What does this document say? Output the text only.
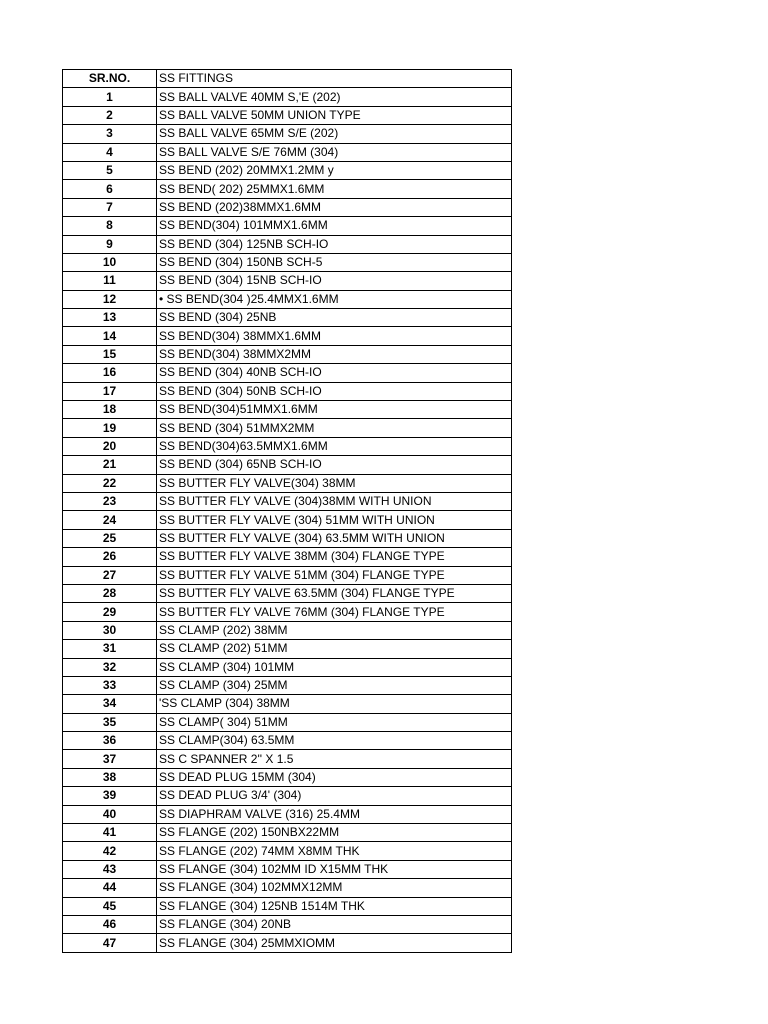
SR.NO.	SS FITTINGS
1	SS BALL VALVE 40MM S,'E (202)
2	SS BALL VALVE 50MM UNION TYPE
3	SS BALL VALVE 65MM S/E (202)
4	SS BALL VALVE S/E 76MM (304)
5	SS BEND (202) 20MMX1.2MM y
6	SS BEND( 202) 25MMX1.6MM
7	SS BEND (202)38MMX1.6MM
8	SS BEND(304) 101MMX1.6MM
9	SS BEND (304) 125NB SCH-IO
10	SS BEND (304) 150NB SCH-5
11	SS BEND (304) 15NB SCH-IO
12	• SS BEND(304 )25.4MMX1.6MM
13	SS BEND (304) 25NB
14	SS BEND(304) 38MMX1.6MM
15	SS BEND(304) 38MMX2MM
16	SS BEND (304) 40NB SCH-IO
17	SS BEND (304) 50NB SCH-IO
18	SS BEND(304)51MMX1.6MM
19	SS BEND (304) 51MMX2MM
20	SS BEND(304)63.5MMX1.6MM
21	SS BEND (304) 65NB SCH-IO
22	SS BUTTER FLY VALVE(304) 38MM
23	SS BUTTER FLY VALVE (304)38MM WITH UNION
24	SS BUTTER FLY VALVE (304) 51MM WITH UNION
25	SS BUTTER FLY VALVE (304) 63.5MM WITH UNION
26	SS BUTTER FLY VALVE 38MM (304) FLANGE TYPE
27	SS BUTTER FLY VALVE 51MM (304) FLANGE TYPE
28	SS BUTTER FLY VALVE 63.5MM (304) FLANGE TYPE
29	SS BUTTER FLY VALVE 76MM (304) FLANGE TYPE
30	SS CLAMP (202) 38MM
31	SS CLAMP (202) 51MM
32	SS CLAMP (304) 101MM
33	SS CLAMP (304) 25MM
34	'SS CLAMP (304) 38MM
35	SS CLAMP( 304) 51MM
36	SS CLAMP(304) 63.5MM
37	SS C SPANNER 2'' X 1.5
38	SS DEAD PLUG 15MM (304)
39	SS DEAD PLUG 3/4' (304)
40	SS DIAPHRAM VALVE (316) 25.4MM
41	SS FLANGE (202) 150NBX22MM
42	SS FLANGE (202) 74MM X8MM THK
43	SS FLANGE (304) 102MM ID X15MM THK
44	SS FLANGE (304) 102MMX12MM
45	SS FLANGE (304) 125NB 1514M THK
46	SS FLANGE (304) 20NB
47	SS FLANGE (304) 25MMXIOMM
